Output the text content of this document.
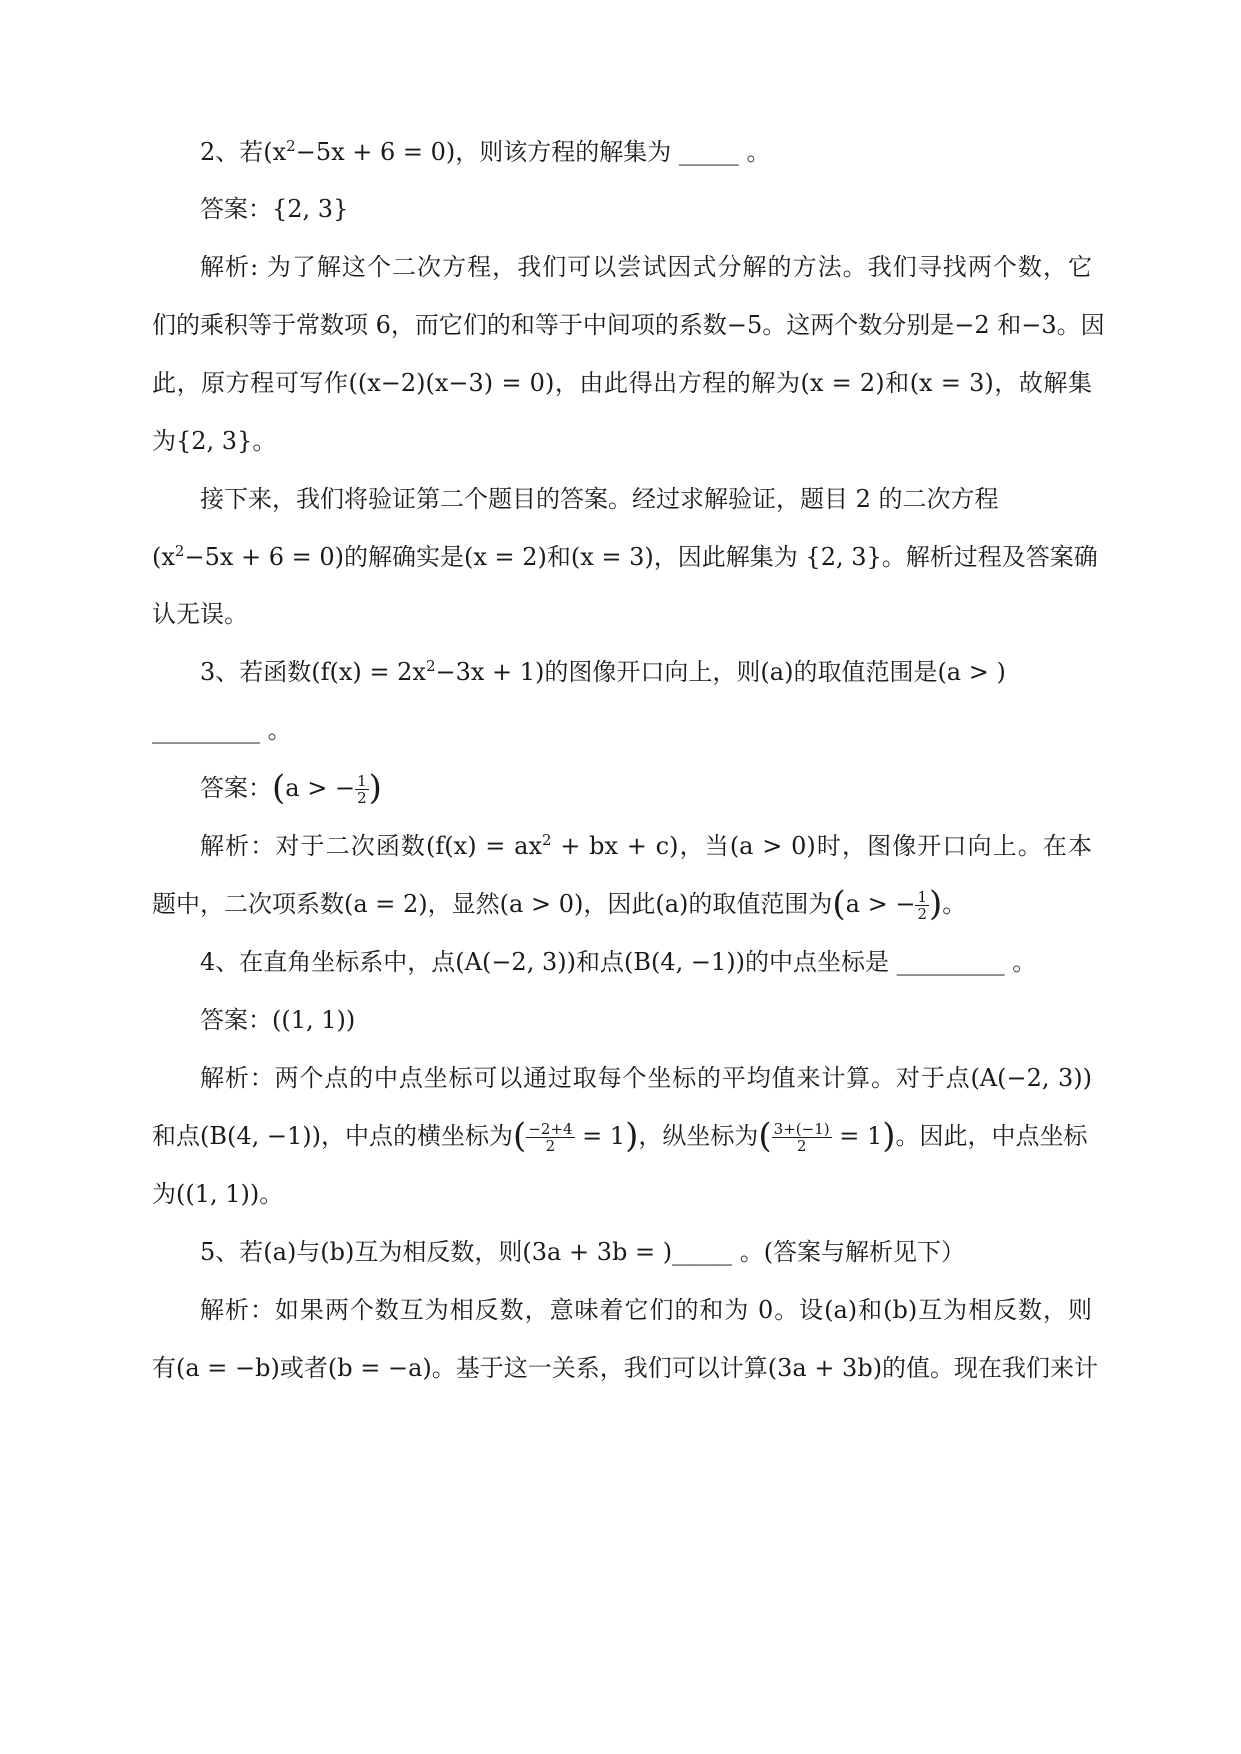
2、若$(x^2-5x + 6 = 0)$，则该方程的解集为 _____ 。
答案：{2, 3}
解析: 为了解这个二次方程，我们可以尝试因式分解的方法。我们寻找两个数，它
们的乘积等于常数项 6，而它们的和等于中间项的系数−5。这两个数分别是−2 和−3。因
此，原方程可写作((x−2)(x−3) = 0)，由此得出方程的解为(x = 2)和(x = 3)，故解集
为{2, 3}。
接下来，我们将验证第二个题目的答案。经过求解验证，题目 2 的二次方程
$(x^2-5x + 6 = 0)$的解确实是(x = 2)和(x = 3)，因此解集为 {2, 3}。解析过程及答案确
认无误。
3、若函数$(f(x) = 2x^2-3x + 1)$的图像开口向上，则(a)的取值范围是(a > )
_________ 。
答案：(a > − $\frac{1}{2}$ )
解析：对于二次函数($f(x) = ax^2$ + bx + c)，当(a > 0)时，图像开口向上。在本
题中，二次项系数(a = 2)，显然(a > 0)，因此(a)的取值范围为(a > − $\frac{1}{2}$ )。
4、在直角坐标系中，点(A(−2, 3))和点(B(4, −1))的中点坐标是 _________ 。
答案：((1, 1))
解析：两个点的中点坐标可以通过取每个坐标的平均值来计算。对于点(A(−2, 3))
和点(B(4, −1))，中点的横坐标为( $\frac{-2+4}{2} = 1$)，纵坐标为( $\frac{3+(-1)}{2} = 1$)。因此，中点坐标
为((1, 1))。
5、若(a)与(b)互为相反数，则(3a + 3b = )_____ 。(答案与解析见下）
解析：如果两个数互为相反数，意味着它们的和为 0。设(a)和(b)互为相反数，则
有(a = −b)或者(b = −a)。基于这一关系，我们可以计算(3a + 3b)的值。现在我们来计
